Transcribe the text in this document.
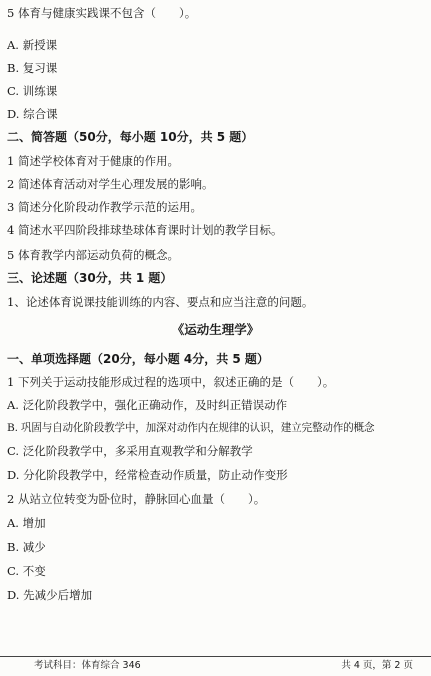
5 体育与健康实践课不包含（　　）。
A. 新授课
B. 复习课
C. 训练课
D. 综合课
二、简答题（50分，每小题 10分，共 5 题）
1 简述学校体育对于健康的作用。
2 简述体育活动对学生心理发展的影响。
3 简述分化阶段动作教学示范的运用。
4 简述水平四阶段排球垫球体育课时计划的教学目标。
5 体育教学内部运动负荷的概念。
三、论述题（30分，共 1 题）
1、论述体育说课技能训练的内容、要点和应当注意的问题。
《运动生理学》
一、单项选择题（20分，每小题 4分，共 5 题）
1 下列关于运动技能形成过程的选项中，叙述正确的是（　　）。
A. 泛化阶段教学中，强化正确动作，及时纠正错误动作
B. 巩固与自动化阶段教学中，加深对动作内在规律的认识，建立完整动作的概念
C. 泛化阶段教学中，多采用直观教学和分解教学
D. 分化阶段教学中，经常检查动作质量，防止动作变形
2 从站立位转变为卧位时，静脉回心血量（　　）。
A. 增加
B. 减少
C. 不变
D. 先减少后增加
考试科目：体育综合 346	共 4 页，第 2 页
